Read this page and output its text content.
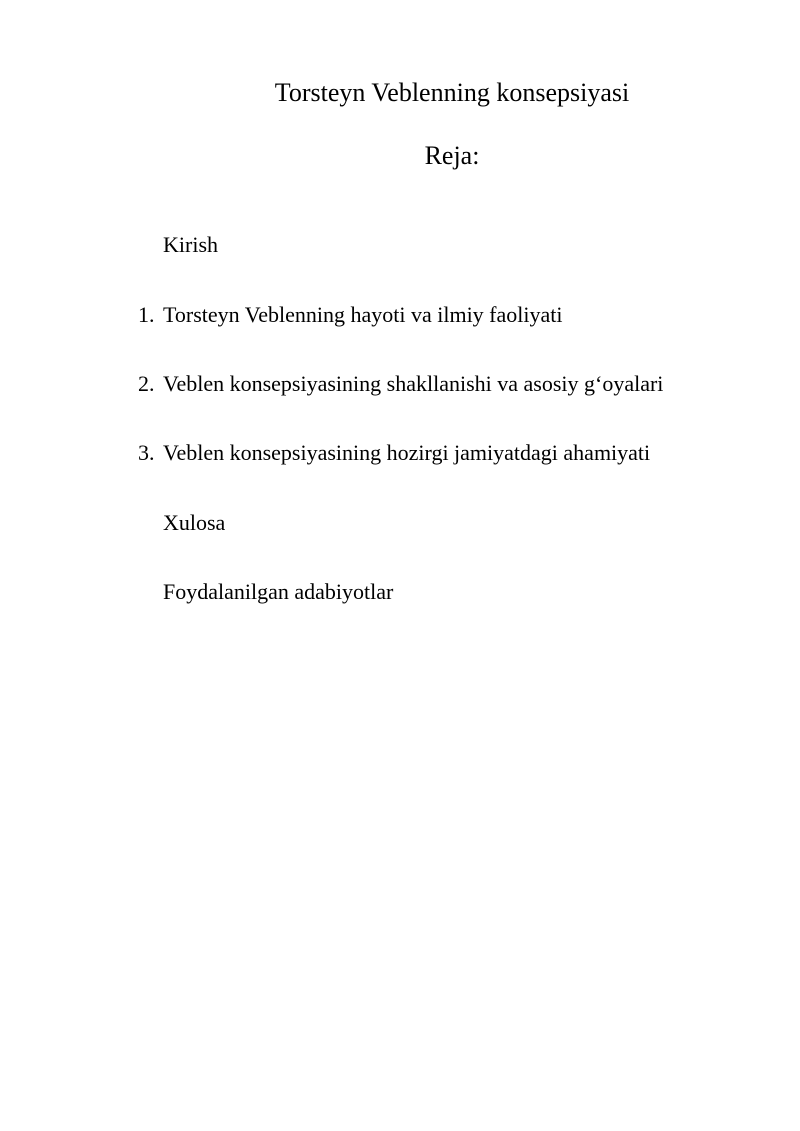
Torsteyn Veblenning konsepsiyasi
Reja:
Kirish
1. Torsteyn Veblenning hayoti va ilmiy faoliyati
2. Veblen konsepsiyasining shakllanishi va asosiy g‘oyalari
3. Veblen konsepsiyasining hozirgi jamiyatdagi ahamiyati
Xulosa
Foydalanilgan adabiyotlar
